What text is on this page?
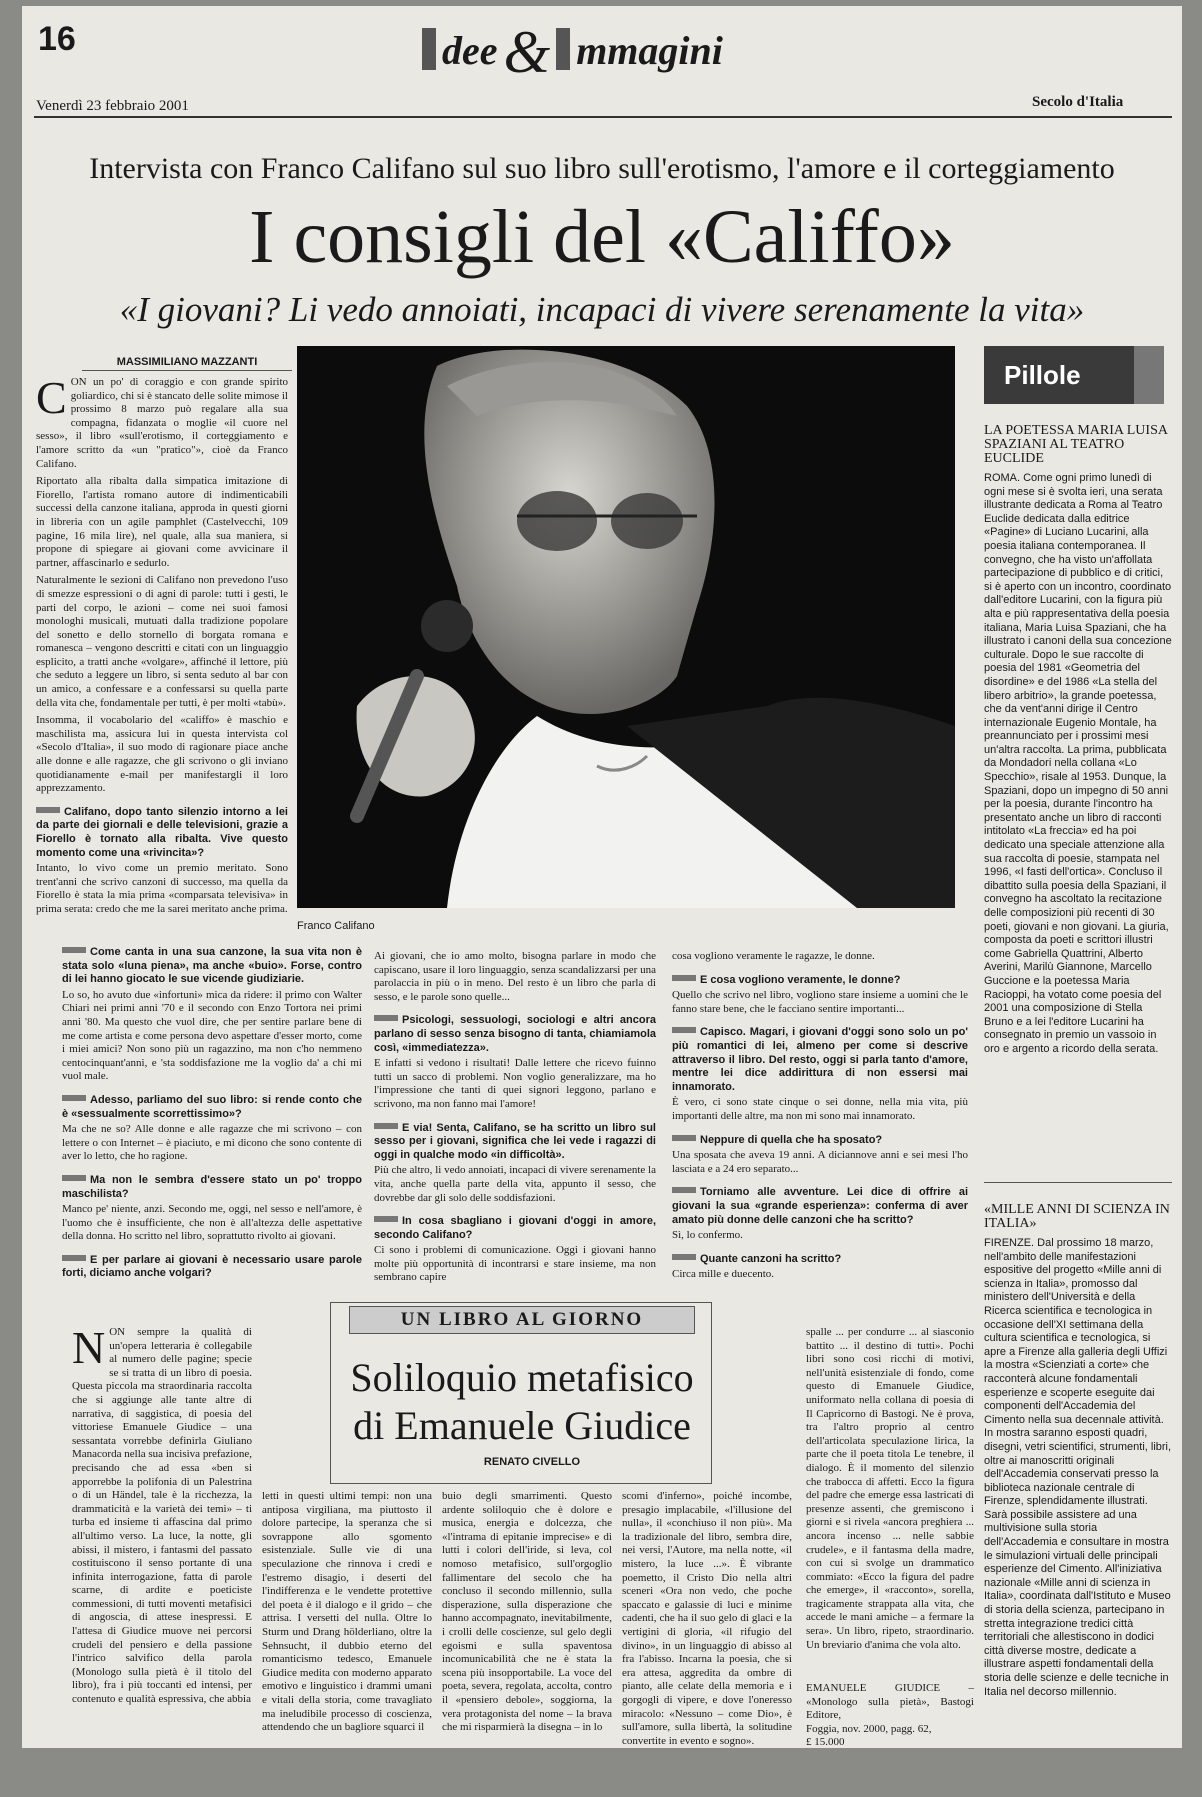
16	dee & mmagini
Venerdì 23 febbraio 2001	Secolo d'Italia
Intervista con Franco Califano sul suo libro sull'erotismo, l'amore e il corteggiamento
I consigli del «Califfo»
«I giovani? Li vedo annoiati, incapaci di vivere serenamente la vita»
MASSIMILIANO MAZZANTI

CON un po' di coraggio e con grande spirito goliardico, chi si è stancato delle solite mimose il prossimo 8 marzo può regalare alla sua compagna, fidanzata o moglie «il cuore nel sesso», il libro «sull'erotismo, il corteggiamento e l'amore scritto da «un "pratico"», cioè da Franco Califano.

Riportato alla ribalta dalla simpatica imitazione di Fiorello, l'artista romano autore di indimenticabili successi della canzone italiana, approda in questi giorni in libreria con un agile pamphlet (Castelvecchi, 109 pagine, 16 mila lire), nel quale, alla sua maniera, si propone di spiegare ai giovani come avvicinare il partner, affascinarlo e sedurlo.

Naturalmente le sezioni di Califano non prevedono l'uso di smezze espressioni o di agni di parole: tutti i gesti, le parti del corpo, le azioni – come nei suoi famosi monologhi musicali, mutuati dalla tradizione popolare del sonetto e dello stornello di borgata romana e romanesca – vengono descritti e citati con un linguaggio esplicito, a tratti anche «volgare», affinché il lettore, più che seduto a leggere un libro, si senta seduto al bar con un amico, a confessare e a confessarsi su quella parte della vita che, fondamentale per tutti, è per molti «tabù».

Insomma, il vocabolario del «califfo» è maschio e maschilista ma, assicura lui in questa intervista col «Secolo d'Italia», il suo modo di ragionare piace anche alle donne e alle ragazze, che gli scrivono o gli inviano quotidianamente e-mail per manifestargli il loro apprezzamento.

Califano, dopo tanto silenzio intorno a lei da parte dei giornali e delle televisioni, grazie a Fiorello è tornato alla ribalta. Vive questo momento come una «rivincita»?

Intanto, lo vivo come un premio meritato. Sono trent'anni che scrivo canzoni di successo, ma quella da Fiorello è stata la mia prima «comparsata televisiva» in prima serata: credo che me la sarei meritato anche prima.

Franco Califano

Come canta in una sua canzone, la sua vita non è stata solo «luna piena», ma anche «buio». Forse, contro di lei hanno giocato le sue vicende giudiziarie.

Lo so, ho avuto due «infortuni» mica da ridere: il primo con Walter Chiari nei primi anni '70 e il secondo con Enzo Tortora nei primi anni '80. Ma questo che vuol dire, che per sentire parlare bene di me come artista e come persona devo aspettare d'esser morto, come i miei amici? Non sono più un ragazzino, ma non c'ho nemmeno centocinquant'anni, e 'sta soddisfazione me la voglio da' a chi mi vuol male.

Adesso, parliamo del suo libro: si rende conto che è «sessualmente scorrettissimo»?

Ma che ne so? Alle donne e alle ragazze che mi scrivono – con lettere o con Internet – è piaciuto, e mi dicono che sono contente di aver lo letto, che ho ragione.

Ma non le sembra d'essere stato un po' troppo maschilista?

Manco pe' niente, anzi. Secondo me, oggi, nel sesso e nell'amore, è l'uomo che è insufficiente, che non è all'altezza delle aspettative della donna. Ho scritto nel libro, soprattutto rivolto ai giovani.

E per parlare ai giovani è necessario usare parole forti, diciamo anche volgari?

Ai giovani, che io amo molto, bisogna parlare in modo che capiscano, usare il loro linguaggio, senza scandalizzarsi per una parolaccia in più o in meno. Del resto è un libro che parla di sesso, e le parole sono quelle...

Psicologi, sessuologi, sociologi e altri ancora parlano di sesso senza bisogno di tanta, chiamiamola così, «immediatezza».

E infatti si vedono i risultati! Dalle lettere che ricevo fuinno tutti un sacco di problemi. Non voglio generalizzare, ma ho l'impressione che tanti di quei signori leggono, parlano e scrivono, ma non fanno mai l'amore!

E via! Senta, Califano, se ha scritto un libro sul sesso per i giovani, significa che lei vede i ragazzi di oggi in qualche modo «in difficoltà».

Più che altro, li vedo annoiati, incapaci di vivere serenamente la vita, anche quella parte della vita, appunto il sesso, che dovrebbe dar gli solo delle soddisfazioni.

In cosa sbagliano i giovani d'oggi in amore, secondo Califano?

Ci sono i problemi di comunicazione. Oggi i giovani hanno molte più opportunità di incontrarsi e stare insieme, ma non sembrano capire

cosa vogliono veramente le ragazze, le donne.

E cosa vogliono veramente, le donne?

Quello che scrivo nel libro, vogliono stare insieme a uomini che le fanno stare bene, che le facciano sentire importanti...

Capisco. Magari, i giovani d'oggi sono solo un po' più romantici di lei, almeno per come si descrive attraverso il libro. Del resto, oggi si parla tanto d'amore, mentre lei dice addirittura di non essersi mai innamorato.

È vero, ci sono state cinque o sei donne, nella mia vita, più importanti delle altre, ma non mi sono mai innamorato.

Neppure di quella che ha sposato?

Una sposata che aveva 19 anni. A diciannove anni e sei mesi l'ho lasciata e a 24 ero separato...

Torniamo alle avventure. Lei dice di offrire ai giovani la sua «grande esperienza»: conferma di aver amato più donne delle canzoni che ha scritto?

Sì, lo confermo.

Quante canzoni ha scritto?

Circa mille e duecento.

Pillole
LA POETESSA MARIA LUISA SPAZIANI AL TEATRO EUCLIDE
ROMA. Come ogni primo lunedì di ogni mese si è svolta ieri, una serata illustrante dedicata a Roma al Teatro Euclide dedicata dalla editrice «Pagine» di Luciano Lucarini, alla poesia italiana contemporanea. Il convegno, che ha visto un'affollata partecipazione di pubblico e di critici, si è aperto con un incontro, coordinato dall'editore Lucarini, con la figura più alta e più rappresentativa della poesia italiana, Maria Luisa Spaziani, che ha illustrato i canoni della sua concezione culturale. Dopo le sue raccolte di poesia del 1981 «Geometria del disordine» e del 1986 «La stella del libero arbitrio», la grande poetessa, che da vent'anni dirige il Centro internazionale Eugenio Montale, ha preannunciato per i prossimi mesi un'altra raccolta. La prima, pubblicata da Mondadori nella collana «Lo Specchio», risale al 1953. Dunque, la Spaziani, dopo un impegno di 50 anni per la poesia, durante l'incontro ha presentato anche un libro di racconti intitolato «La freccia» ed ha poi dedicato una speciale attenzione alla sua raccolta di poesie, stampata nel 1996, «I fasti dell'ortica». Concluso il dibattito sulla poesia della Spaziani, il convegno ha ascoltato la recitazione delle composizioni più recenti di 30 poeti, giovani e non giovani. La giuria, composta da poeti e scrittori illustri come Gabriella Quattrini, Alberto Averini, Marilù Giannone, Marcello Guccione e la poetessa Maria Racioppi, ha votato come poesia del 2001 una composizione di Stella Bruno e a lei l'editore Lucarini ha consegnato in premio un vassoio in oro e argento a ricordo della serata.
«MILLE ANNI DI SCIENZA IN ITALIA»
FIRENZE. Dal prossimo 18 marzo, nell'ambito delle manifestazioni espositive del progetto «Mille anni di scienza in Italia», promosso dal ministero dell'Università e della Ricerca scientifica e tecnologica in occasione dell'XI settimana della cultura scientifica e tecnologica, si apre a Firenze alla galleria degli Uffizi la mostra «Scienziati a corte» che racconterà alcune fondamentali esperienze e scoperte eseguite dai componenti dell'Accademia del Cimento nella sua decennale attività. In mostra saranno esposti quadri, disegni, vetri scientifici, strumenti, libri, oltre ai manoscritti originali dell'Accademia conservati presso la biblioteca nazionale centrale di Firenze, splendidamente illustrati. Sarà possibile assistere ad una multivisione sulla storia dell'Accademia e consultare in mostra le simulazioni virtuali delle principali esperienze del Cimento. All'iniziativa nazionale «Mille anni di scienza in Italia», coordinata dall'Istituto e Museo di storia della scienza, partecipano in stretta integrazione tredici città territoriali che allestiscono in dodici città diverse mostre, dedicate a illustrare aspetti fondamentali della storia delle scienze e delle tecniche in Italia nel decorso millennio.
UN LIBRO AL GIORNO
Soliloquio metafisico di Emanuele Giudice
RENATO CIVELLO

NON sempre la qualità di un'opera letteraria è collegabile al numero delle pagine; specie se si tratta di un libro di poesia. Questa piccola ma straordinaria raccolta che si aggiunge alle tante altre di narrativa, di saggistica, di poesia del vittoriese Emanuele Giudice – una sessantata vorrebbe definirla Giuliano Manacorda nella sua incisiva prefazione, precisando che ad essa «ben si apporrebbe la polifonia di un Palestrina o di un Händel, tale è la ricchezza, la drammaticità e la varietà dei temi» – ti turba ed insieme ti affascina dal primo all'ultimo verso. La luce, la notte, gli abissi, il mistero, i fantasmi del passato costituiscono il senso portante di una infinita interrogazione, fatta di parole scarne, di ardite e poeticiste commessioni, di tutti moventi metafisici di angoscia, di attese inespressi. E l'attesa di Giudice muove nei percorsi crudeli del pensiero e della passione l'intrico salvifico della parola (Monologo sulla pietà è il titolo del libro), fra i più toccanti ed intensi, per contenuto e qualità espressiva, che abbia

letti in questi ultimi tempi: non una antiposa virgiliana, ma piuttosto il dolore partecipe, la speranza che si sovrappone allo sgomento esistenziale. Sulle vie di una speculazione che rinnova i credi e l'estremo disagio, i deserti del l'indifferenza e le vendette protettive del poeta è il dialogo e il grido – che attrisa. I versetti del nulla. Oltre lo Sturm und Drang hölderliano, oltre la Sehnsucht, il dubbio eterno del romanticismo tedesco, Emanuele Giudice medita con moderno apparato emotivo e linguistico i drammi umani e vitali della storia, come travagliato ma ineludibile processo di coscienza, attendendo che un bagliore squarci il

buio degli smarrimenti. Questo ardente soliloquio che è dolore e musica, energia e dolcezza, che «l'intrama di epitanie imprecise» e di lutti i colori dell'iride, si leva, col nomoso metafisico, sull'orgoglio fallimentare del secolo che ha concluso il secondo millennio, sulla disperazione, sulla disperazione che hanno accompagnato, inevitabilmente, i crolli delle coscienze, sul gelo degli egoismi e sulla spaventosa incomunicabilità che ne è stata la scena più insopportabile. La voce del poeta, severa, regolata, accolta, contro il «pensiero debole», soggiorna, la vera protagonista del nome – la brava che mi risparmierà la disegna – in lo

scomi d'inferno», poiché incombe, presagio implacabile, «l'illusione del nulla», il «conchiuso il non più». Ma la tradizionale del libro, sembra dire, nei versi, l'Autore, ma nella notte, «il mistero, la luce ...». È vibrante poemetto, il Cristo Dio nella altri sceneri «Ora non vedo, che poche spaccato e galassie di luci e minime cadenti, che ha il suo gelo di glaci e la vertigini di gloria, «il rifugio del divino», in un linguaggio di abisso al fra l'abisso. Incarna la poesia, che si era attesa, aggredita da ombre di pianto, alle celate della memoria e i gorgogli di vipere, e dove l'oneresso miracolo: «Nessuno – come Dio», è sull'amore, sulla libertà, la solitudine convertite in evento e sogno».

spalle ... per condurre ... al siasconio battito ... il destino di tutti». Pochi libri sono così ricchi di motivi, nell'unità esistenziale di fondo, come questo di Emanuele Giudice, uniformato nella collana di poesia di Il Capricorno di Bastogi. Ne è prova, tra l'altro proprio al centro dell'articolata speculazione lirica, la parte che il poeta titola Le tenebre, il dialogo. È il momento del silenzio che trabocca di affetti. Ecco la figura del padre che emerge essa lastricati di presenze assenti, che gremiscono i giorni e si rivela «ancora preghiera ... ancora incenso ... nelle sabbie crudele», e il fantasma della madre, con cui si svolge un drammatico commiato: «Ecco la figura del padre che emerge», il «racconto», sorella, tragicamente strappata alla vita, che accede le mani amiche – a fermare la sera». Un libro, ripeto, straordinario. Un breviario d'anima che vola alto.

EMANUELE GIUDICE – «Monologo sulla pietà», Bastogi Editore,
Foggia, nov. 2000, pagg. 62,
£ 15.000
